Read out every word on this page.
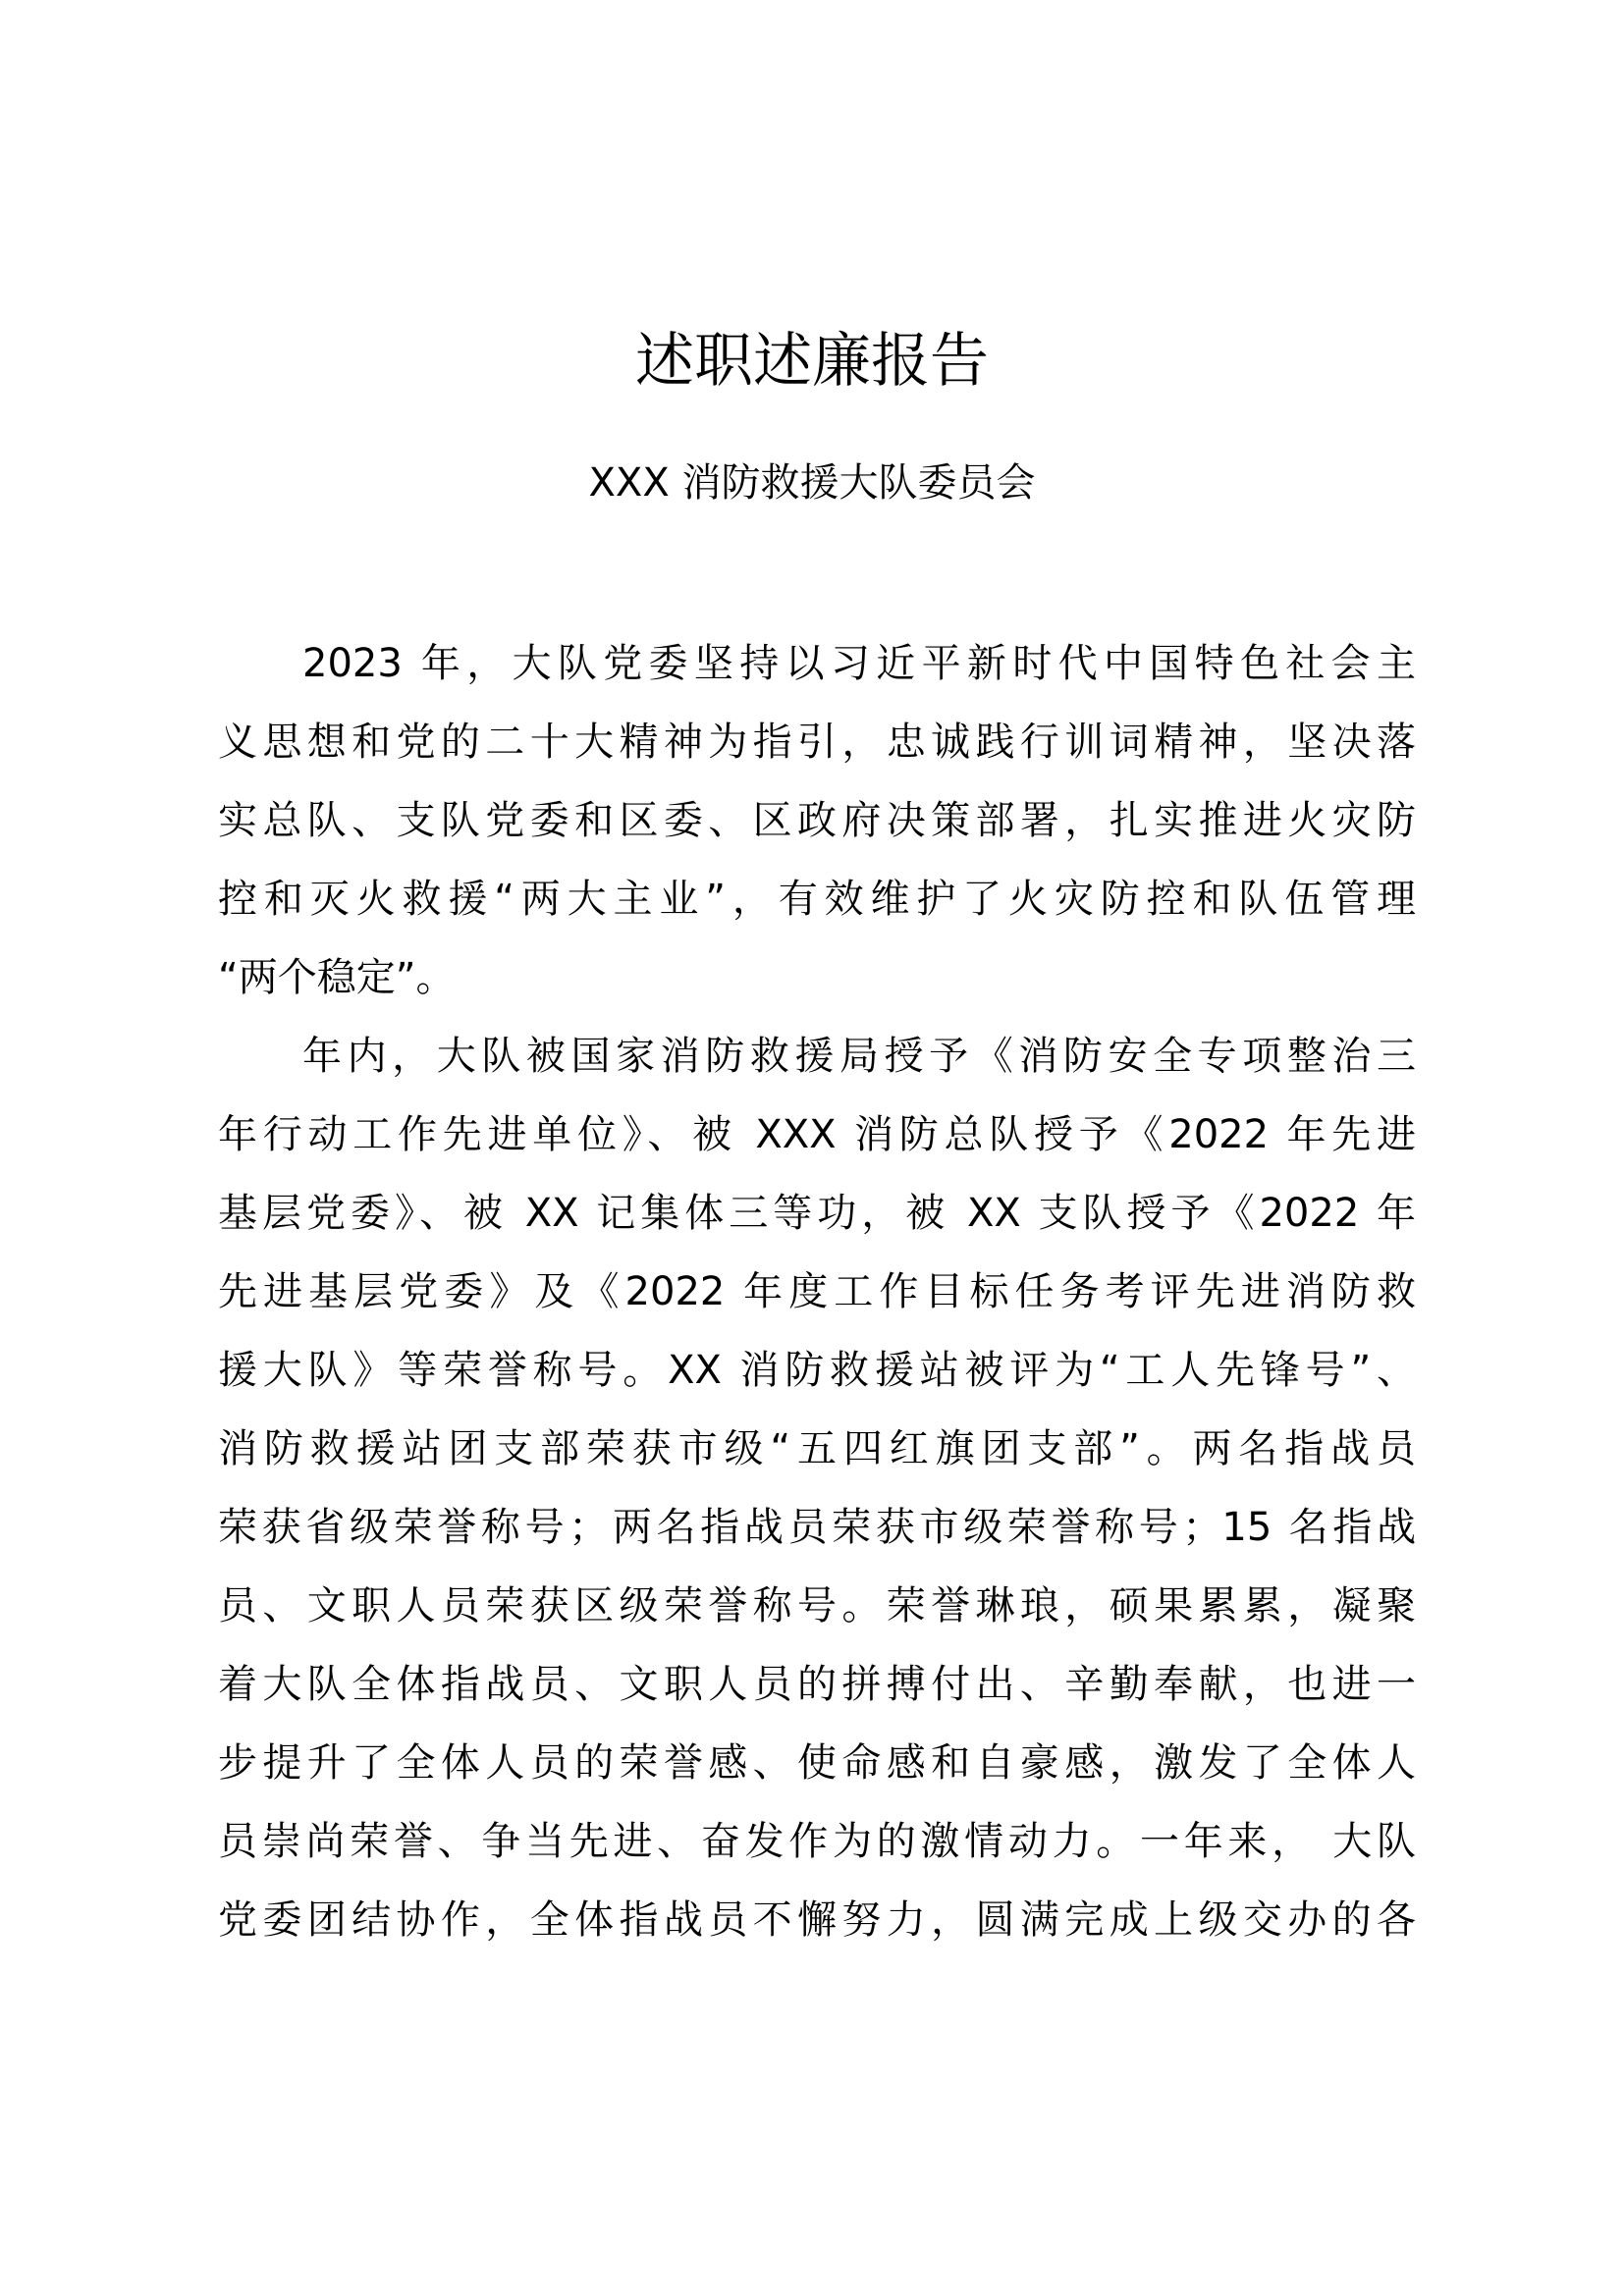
述职述廉报告

XXX 消防救援大队委员会

2023 年，大队党委坚持以习近平新时代中国特色社会主
义思想和党的二十大精神为指引，忠诚践行训词精神，坚决落
实总队、支队党委和区委、区政府决策部署，扎实推进火灾防
控和灭火救援“两大主业”，有效维护了火灾防控和队伍管理
“两个稳定”。
年内，大队被国家消防救援局授予《消防安全专项整治三
年行动工作先进单位》、被 XXX 消防总队授予《2022 年先进
基层党委》、被 XX 记集体三等功，被 XX 支队授予《2022 年
先进基层党委》及《2022 年度工作目标任务考评先进消防救
援大队》等荣誉称号。XX 消防救援站被评为“工人先锋号”、
消防救援站团支部荣获市级“五四红旗团支部”。两名指战员
荣获省级荣誉称号；两名指战员荣获市级荣誉称号；15 名指战
员、文职人员荣获区级荣誉称号。荣誉琳琅，硕果累累，凝聚
着大队全体指战员、文职人员的拼搏付出、辛勤奉献，也进一
步提升了全体人员的荣誉感、使命感和自豪感，激发了全体人
员崇尚荣誉、争当先进、奋发作为的激情动力。一年来， 大队
党委团结协作，全体指战员不懈努力，圆满完成上级交办的各
